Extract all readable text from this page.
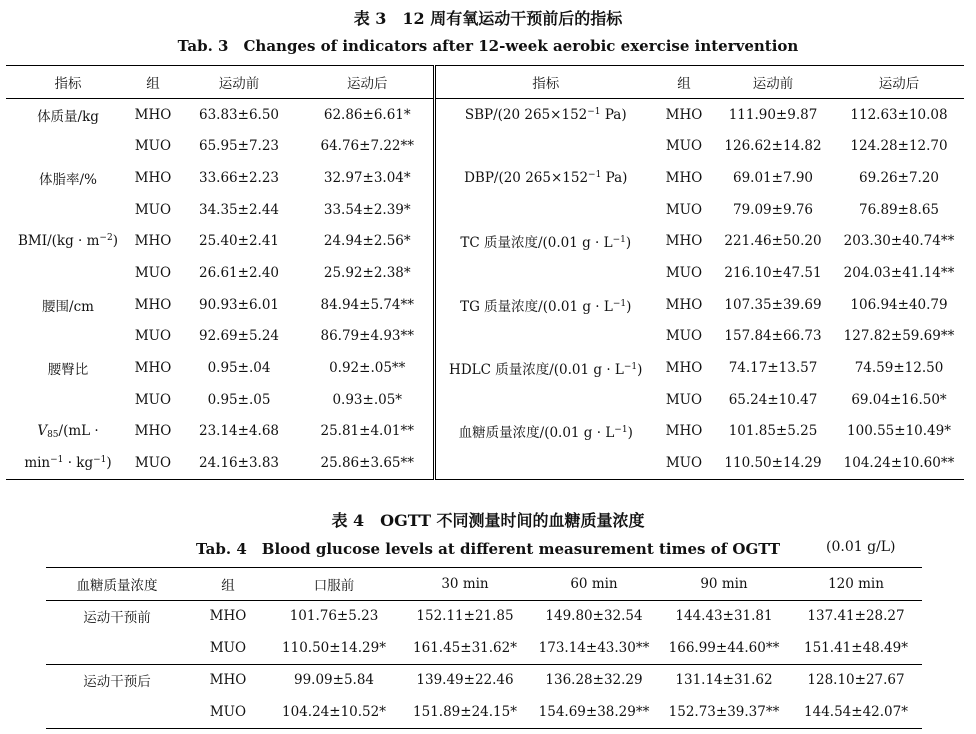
表 3　12 周有氧运动干预前后的指标
Tab. 3　Changes of indicators after 12-week aerobic exercise intervention
指标	组	运动前	运动后	指标	组	运动前	运动后
体质量/kg	MHO	63.83±6.50	62.86±6.61*	SBP/(20 $265\times 152^{-1}$ Pa)	MHO	111.90±9.87	112.63±10.08
	MUO	65.95±7.23	64.76±7.22**		MUO	126.62±14.82	124.28±12.70
体脂率/%	MHO	33.66±2.23	32.97±3.04*	DBP/(20 $265\times 152^{-1}$ Pa)	MHO	69.01±7.90	69.26±7.20
	MUO	34.35±2.44	33.54±2.39*		MUO	79.09±9.76	76.89±8.65
$BMI/(kg \cdot m^{-2})$	MHO	25.40±2.41	24.94±2.56*	TC 质量浓度/(0.01 $g \cdot L^{-1}$)	MHO	221.46±50.20	203.30±40.74**
	MUO	26.61±2.40	25.92±2.38*		MUO	216.10±47.51	204.03±41.14**
腰围/cm	MHO	90.93±6.01	84.94±5.74**	TG 质量浓度/(0.01 $g \cdot L^{-1}$)	MHO	107.35±39.69	106.94±40.79
	MUO	92.69±5.24	86.79±4.93**		MUO	157.84±66.73	127.82±59.69**
腰臀比	MHO	0.95±.04	0.92±.05**	HDLC 质量浓度/(0.01 $g \cdot L^{-1}$)	MHO	74.17±13.57	74.59±12.50
	MUO	0.95±.05	0.93±.05*		MUO	65.24±10.47	69.04±16.50*
$V_{85}/(mL$ ·	MHO	23.14±4.68	25.81±4.01**	血糖质量浓度/(0.01 $g \cdot L^{-1}$)	MHO	101.85±5.25	100.55±10.49*
$\min^{-1} \cdot kg^{-1}$)	MUO	24.16±3.83	25.86±3.65**		MUO	110.50±14.29	104.24±10.60**
表 4　OGTT 不同测量时间的血糖质量浓度
Tab. 4　Blood glucose levels at different measurement times of OGTT	(0.01 g/L)
血糖质量浓度	组	口服前	30 min	60 min	90 min	120 min
运动干预前	MHO	101.76±5.23	152.11±21.85	149.80±32.54	144.43±31.81	137.41±28.27
	MUO	110.50±14.29*	161.45±31.62*	173.14±43.30**	166.99±44.60**	151.41±48.49*
运动干预后	MHO	99.09±5.84	139.49±22.46	136.28±32.29	131.14±31.62	128.10±27.67
	MUO	104.24±10.52*	151.89±24.15*	154.69±38.29**	152.73±39.37**	144.54±42.07*
